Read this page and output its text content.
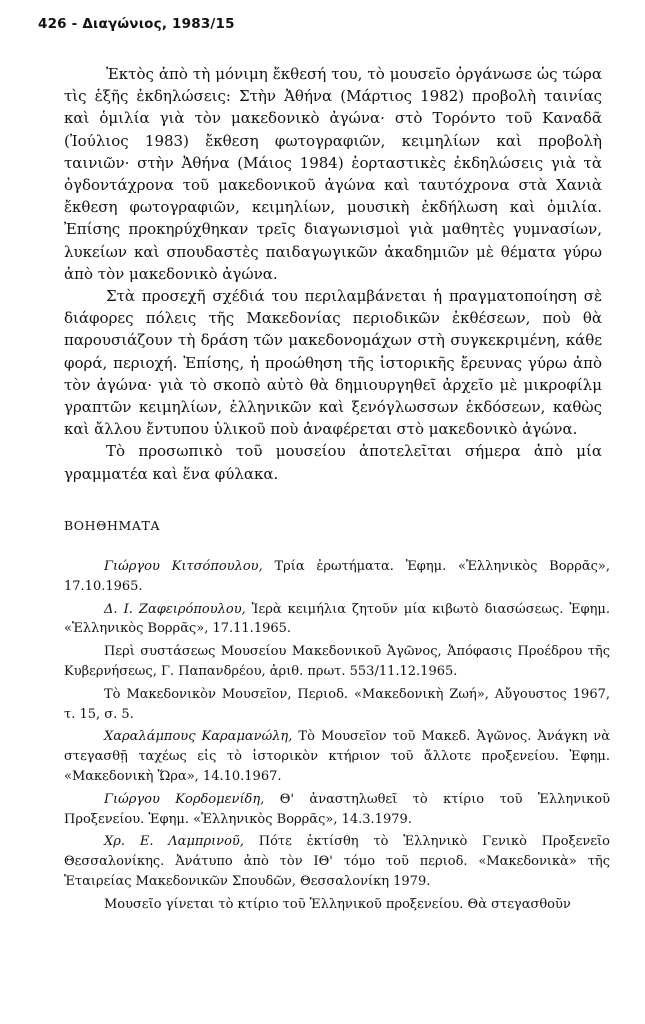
426 - Διαγώνιος, 1983/15

Ἐκτὸς ἀπὸ τὴ μόνιμη ἔκθεσή του, τὸ μουσεῖο ὀργάνωσε ὡς τώρα τὶς ἑξῆς ἐκδηλώσεις: Στὴν Ἀθήνα (Μάρτιος 1982) προβολὴ ταινίας καὶ ὁμιλία γιὰ τὸν μακεδονικὸ ἀγώνα· στὸ Τορόντο τοῦ Καναδᾶ (Ἰούλιος 1983) ἔκθεση φωτογραφιῶν, κειμηλίων καὶ προβολὴ ταινιῶν· στὴν Ἀθήνα (Μάιος 1984) ἑορταστικὲς ἐκδηλώσεις γιὰ τὰ ὀγδοντάχρονα τοῦ μακεδονικοῦ ἀγώνα καὶ ταυτόχρονα στὰ Χανιὰ ἔκθεση φωτογραφιῶν, κειμηλίων, μουσικὴ ἐκδήλωση καὶ ὁμιλία. Ἐπίσης προκηρύχθηκαν τρεῖς διαγωνισμοὶ γιὰ μαθητὲς γυμνασίων, λυκείων καὶ σπουδαστὲς παιδαγωγικῶν ἀκαδημιῶν μὲ θέματα γύρω ἀπὸ τὸν μακεδονικὸ ἀγώνα.

Στὰ προσεχῆ σχέδιά του περιλαμβάνεται ἡ πραγματοποίηση σὲ διάφορες πόλεις τῆς Μακεδονίας περιοδικῶν ἐκθέσεων, ποὺ θὰ παρουσιάζουν τὴ δράση τῶν μακεδονομάχων στὴ συγκεκριμένη, κάθε φορά, περιοχή. Ἐπίσης, ἡ προώθηση τῆς ἱστορικῆς ἔρευνας γύρω ἀπὸ τὸν ἀγώνα· γιὰ τὸ σκοπὸ αὐτὸ θὰ δημιουργηθεῖ ἀρχεῖο μὲ μικροφίλμ γραπτῶν κειμηλίων, ἑλληνικῶν καὶ ξενόγλωσσων ἐκδόσεων, καθὼς καὶ ἄλλου ἔντυπου ὑλικοῦ ποὺ ἀναφέρεται στὸ μακεδονικὸ ἀγώνα.

Τὸ προσωπικὸ τοῦ μουσείου ἀποτελεῖται σήμερα ἀπὸ μία γραμματέα καὶ ἕνα φύλακα.

ΒΟΗΘΗΜΑΤΑ

Γιώργου Κιτσόπουλου, Τρία ἐρωτήματα. Ἐφημ. «Ἑλληνικὸς Βορρᾶς», 17.10.1965.

Δ. Ι. Ζαφειρόπουλου, Ἱερὰ κειμήλια ζητοῦν μία κιβωτὸ διασώσεως. Ἐφημ. «Ἑλληνικὸς Βορρᾶς», 17.11.1965.

Περὶ συστάσεως Μουσείου Μακεδονικοῦ Ἀγῶνος, Ἀπόφασις Προέδρου τῆς Κυβερνήσεως, Γ. Παπανδρέου, ἀριθ. πρωτ. 553/11.12.1965.

Τὸ Μακεδονικὸν Μουσεῖον, Περιοδ. «Μακεδονικὴ Ζωή», Αὔγουστος 1967, τ. 15, σ. 5.

Χαραλάμπους Καραμανώλη, Τὸ Μουσεῖον τοῦ Μακεδ. Ἀγῶνος. Ἀνάγκη νὰ στεγασθῇ ταχέως εἰς τὸ ἱστορικὸν κτήριον τοῦ ἄλλοτε προξενείου. Ἐφημ. «Μακεδονικὴ Ὥρα», 14.10.1967.

Γιώργου Κορδομενίδη, Θ' ἀναστηλωθεῖ τὸ κτίριο τοῦ Ἑλληνικοῦ Προξενείου. Ἐφημ. «Ἑλληνικὸς Βορρᾶς», 14.3.1979.

Χρ. Ε. Λαμπρινοῦ, Πότε ἐκτίσθη τὸ Ἑλληνικὸ Γενικὸ Προξενεῖο Θεσσαλονίκης. Ἀνάτυπο ἀπὸ τὸν ΙΘ' τόμο τοῦ περιοδ. «Μακεδονικὰ» τῆς Ἑταιρείας Μακεδονικῶν Σπουδῶν, Θεσσαλονίκη 1979.

Μουσεῖο γίνεται τὸ κτίριο τοῦ Ἑλληνικοῦ προξενείου. Θὰ στεγασθοῦν
